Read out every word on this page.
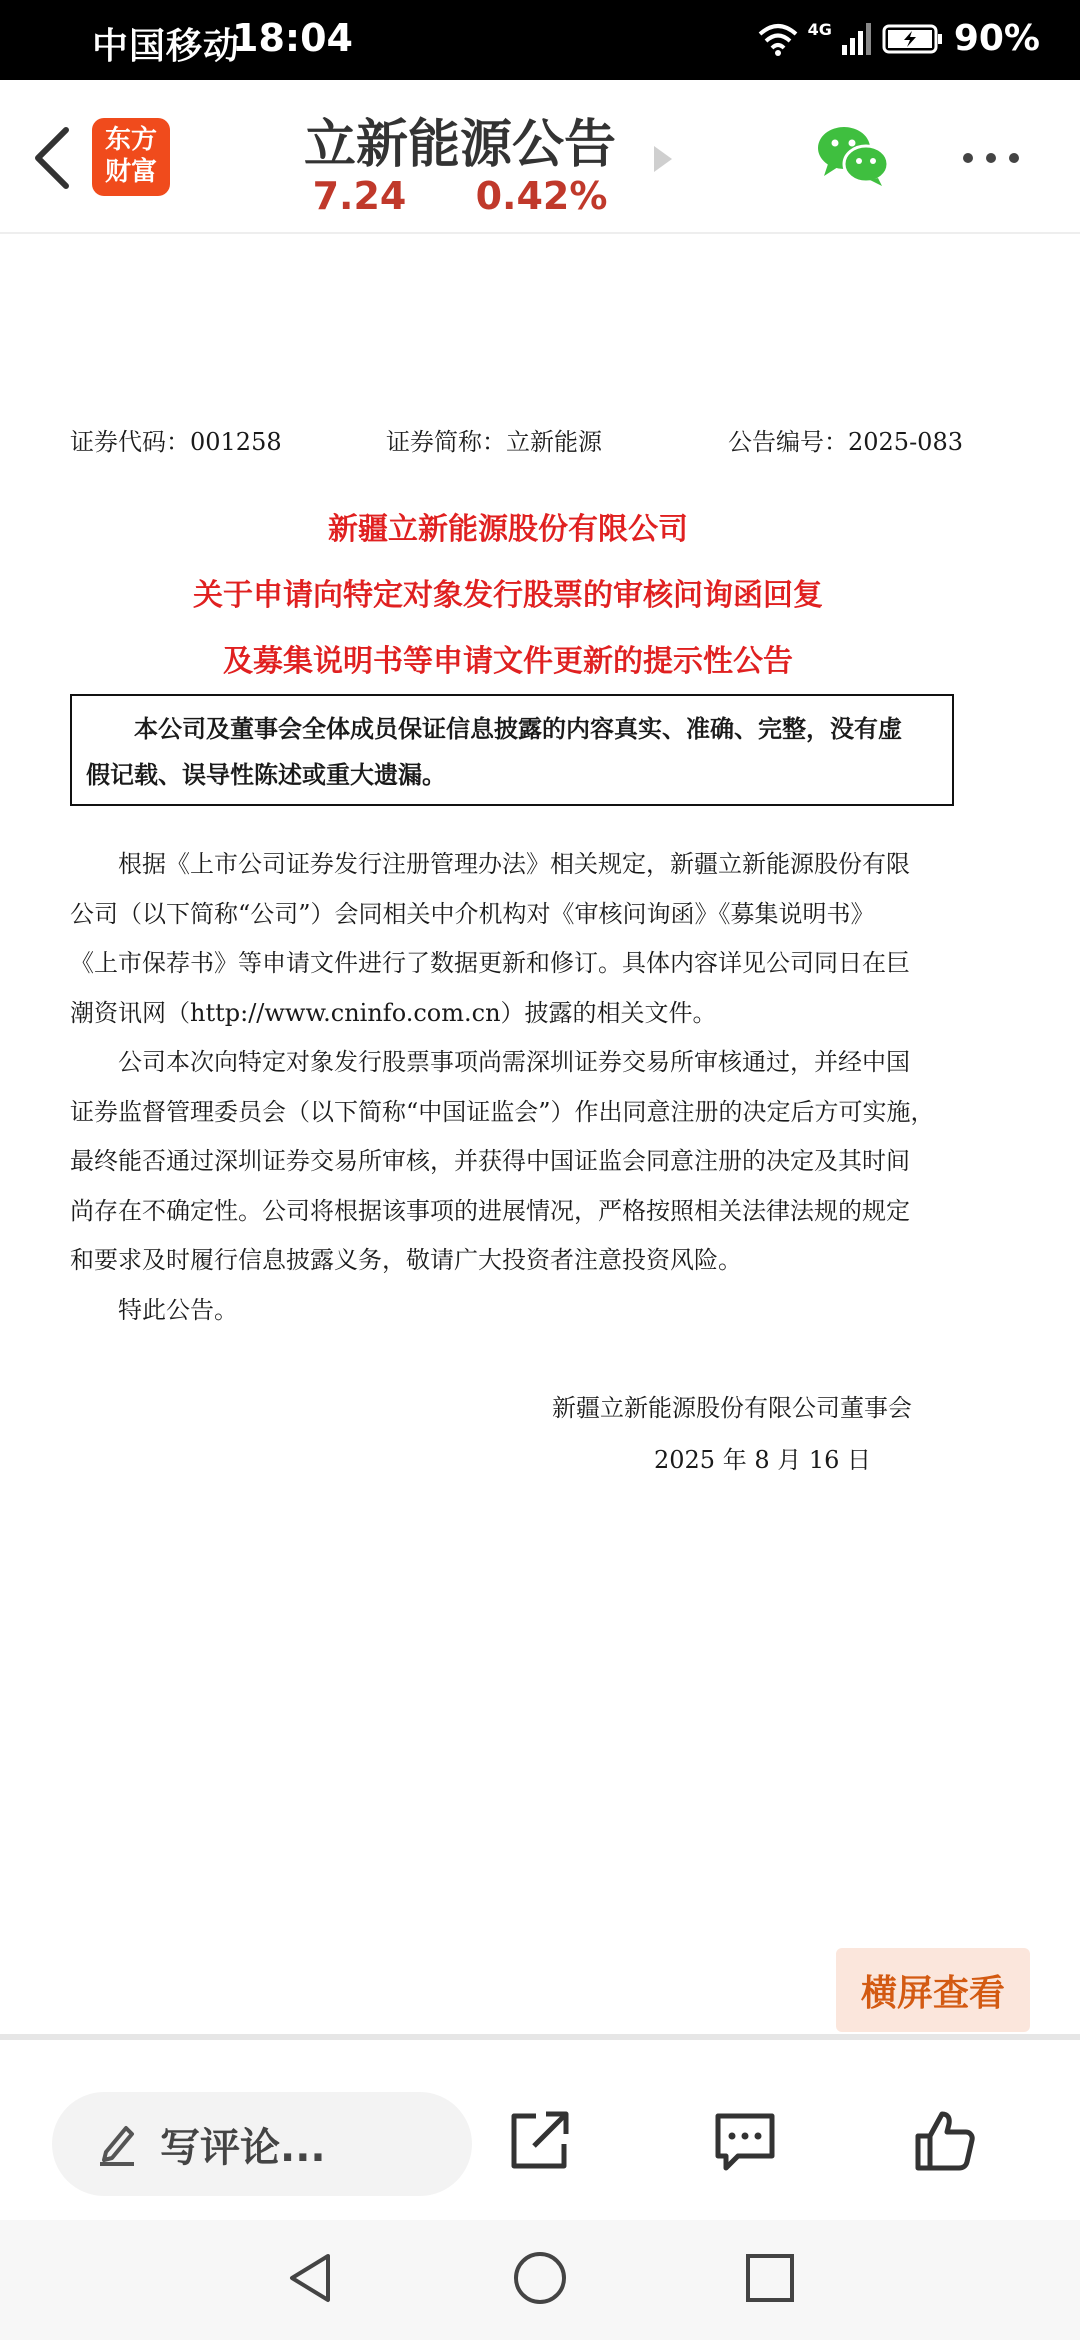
中国移动
18:04	4G	90%
东方
财富	立新能源公告
7.24 0.42%
证券代码：001258	证券简称：立新能源	公告编号：2025-083
新疆立新能源股份有限公司
关于申请向特定对象发行股票的审核问询函回复
及募集说明书等申请文件更新的提示性公告
本公司及董事会全体成员保证信息披露的内容真实、准确、完整，没有虚
假记载、误导性陈述或重大遗漏。
根据《上市公司证券发行注册管理办法》相关规定，新疆立新能源股份有限
公司（以下简称“公司”）会同相关中介机构对《审核问询函》《募集说明书》
《上市保荐书》等申请文件进行了数据更新和修订。具体内容详见公司同日在巨
潮资讯网（http://www.cninfo.com.cn）披露的相关文件。
公司本次向特定对象发行股票事项尚需深圳证券交易所审核通过，并经中国
证券监督管理委员会（以下简称“中国证监会”）作出同意注册的决定后方可实施，
最终能否通过深圳证券交易所审核，并获得中国证监会同意注册的决定及其时间
尚存在不确定性。公司将根据该事项的进展情况，严格按照相关法律法规的规定
和要求及时履行信息披露义务，敬请广大投资者注意投资风险。
特此公告。
新疆立新能源股份有限公司董事会
2025 年 8 月 16 日
横屏查看
写评论...
